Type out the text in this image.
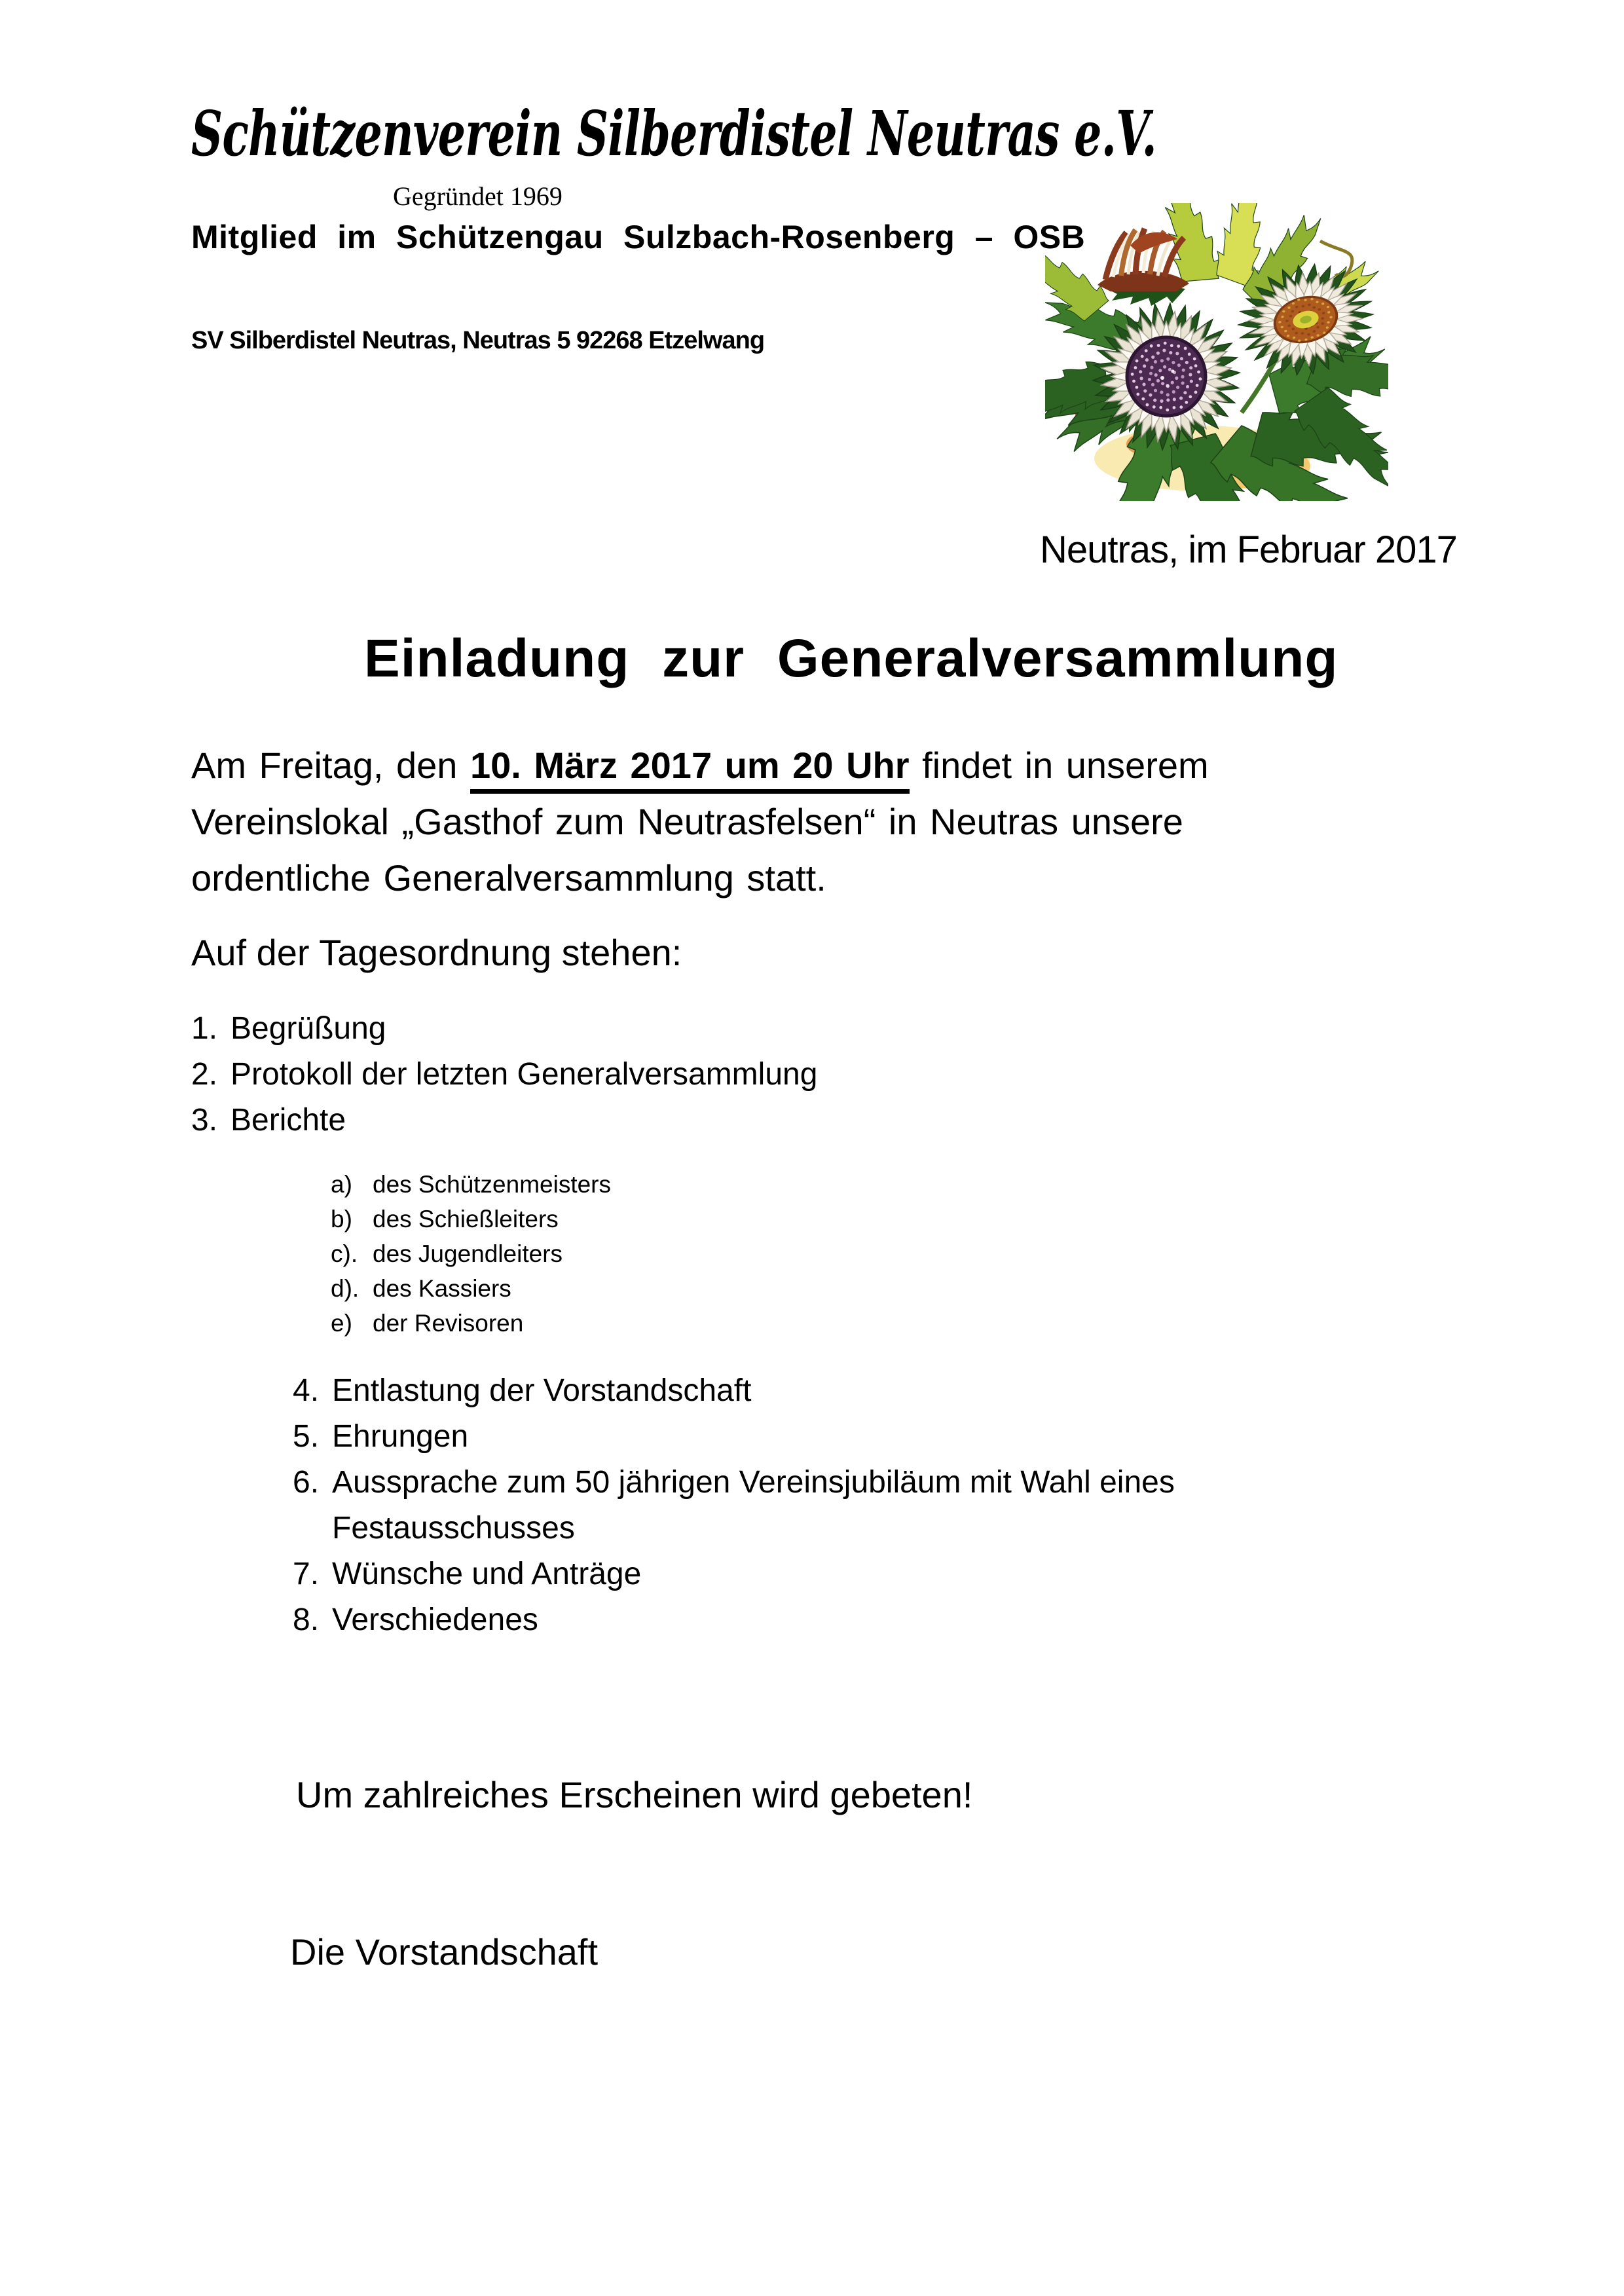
Schützenverein Silberdistel Neutras e.V.
Gegründet 1969
Mitglied im Schützengau Sulzbach-Rosenberg – OSB
SV Silberdistel Neutras, Neutras 5 92268 Etzelwang
Neutras, im Februar 2017
Einladung zur Generalversammlung
Am Freitag, den 10. März 2017 um 20 Uhr findet in unserem
Vereinslokal „Gasthof zum Neutrasfelsen“ in Neutras unsere
ordentliche Generalversammlung statt.
Auf der Tagesordnung stehen:
1. Begrüßung
2. Protokoll der letzten Generalversammlung
3. Berichte
a) des Schützenmeisters
b) des Schießleiters
c). des Jugendleiters
d). des Kassiers
e) der Revisoren
4. Entlastung der Vorstandschaft
5. Ehrungen
6. Aussprache zum 50 jährigen Vereinsjubiläum mit Wahl eines
Festausschusses
7. Wünsche und Anträge
8. Verschiedenes
Um zahlreiches Erscheinen wird gebeten!
Die Vorstandschaft
